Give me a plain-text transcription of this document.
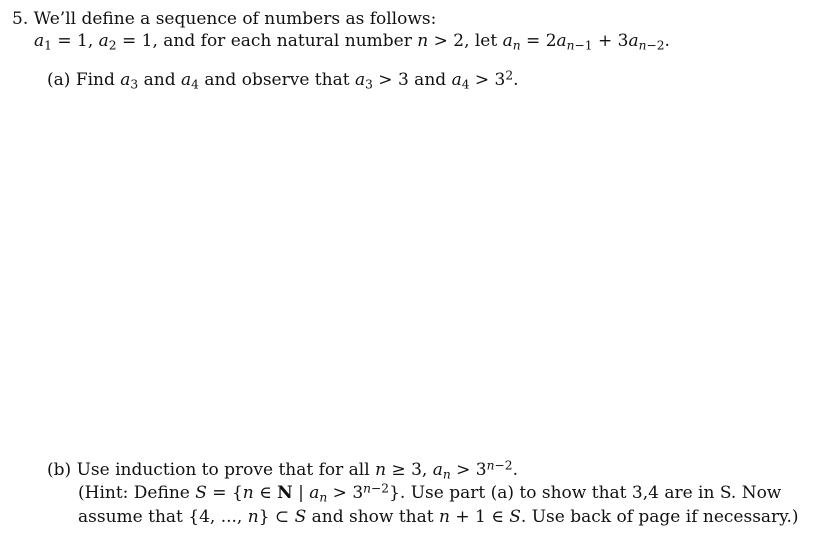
5. We’ll define a sequence of numbers as follows:
$a_1 = 1$, $a_2 = 1$, and for each natural number n > 2, let $a_n = 2a_{n-1} + 3a_{n-2}$.
(a) Find $a_3$ and $a_4$ and observe that $a_3 > 3$ and $a_4 > 3^2$.
(b) Use induction to prove that for all n ≥ 3, $a_n > 3^{n-2}$.
(Hint: Define S = {n ∈ N | $a_n > 3^{n-2}$}. Use part (a) to show that 3,4 are in S. Now
assume that {4, ..., n} ⊂ S and show that n + 1 ∈ S. Use back of page if necessary.)
